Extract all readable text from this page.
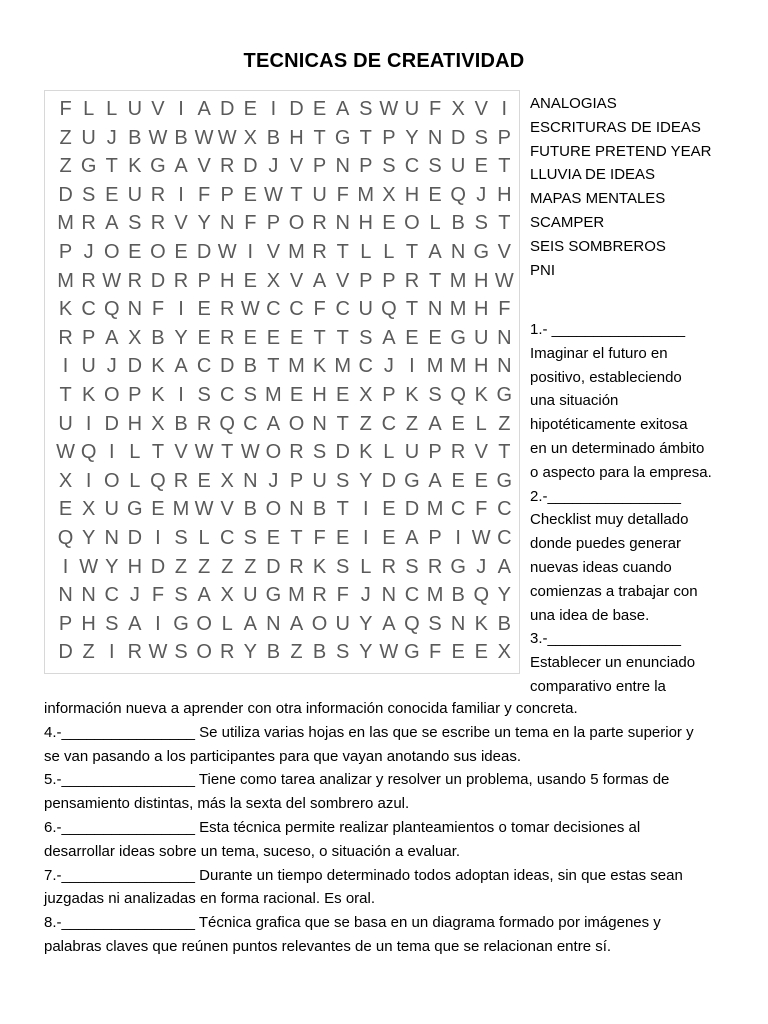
TECNICAS DE CREATIVIDAD
F L L U V I A D E I D E A S W U F X V I
Z U J B W B W W X B H T G T P Y N D S P
Z G T K G A V R D J V P N P S C S U E T
D S E U R I F P E W T U F M X H E Q J H
M R A S R V Y N F P O R N H E O L B S T
P J O E O E D W I V M R T L L T A N G V
M R W R D R P H E X V A V P P R T M H W
K C Q N F I E R W C C F C U Q T N M H F
R P A X B Y E R E E E T T S A E E G U N
I U J D K A C D B T M K M C J I M M H N
T K O P K I S C S M E H E X P K S Q K G
U I D H X B R Q C A O N T Z C Z A E L Z
W Q I L T V W T W O R S D K L U P R V T
X I O L Q R E X N J P U S Y D G A E E G
E X U G E M W V B O N B T I E D M C F C
Q Y N D I S L C S E T F E I E A P I W C
I W Y H D Z Z Z Z D R K S L R S R G J A
N N C J F S A X U G M R F J N C M B Q Y
P H S A I G O L A N A O U Y A Q S N K B
D Z I R W S O R Y B Z B S Y W G F E E X
ANALOGIAS
ESCRITURAS DE IDEAS
FUTURE PRETEND YEAR
LLUVIA DE IDEAS
MAPAS MENTALES
SCAMPER
SEIS SOMBREROS
PNI
1.- ________________
Imaginar el futuro en
positivo, estableciendo
una situación
hipotéticamente exitosa
en un determinado ámbito
o aspecto para la empresa.
2.-________________
Checklist muy detallado
donde puedes generar
nuevas ideas cuando
comienzas a trabajar con
una idea de base.
3.-________________
Establecer un enunciado
comparativo entre la
información nueva a aprender con otra información conocida familiar y concreta.
4.-________________ Se utiliza varias hojas en las que se escribe un tema en la parte superior y
se van pasando a los participantes para que vayan anotando sus ideas.
5.-________________ Tiene como tarea analizar y resolver un problema, usando 5 formas de
pensamiento distintas, más la sexta del sombrero azul.
6.-________________ Esta técnica permite realizar planteamientos o tomar decisiones al
desarrollar ideas sobre un tema, suceso, o situación a evaluar.
7.-________________ Durante un tiempo determinado todos adoptan ideas, sin que estas sean
juzgadas ni analizadas en forma racional. Es oral.
8.-________________ Técnica grafica que se basa en un diagrama formado por imágenes y
palabras claves que reúnen puntos relevantes de un tema que se relacionan entre sí.
